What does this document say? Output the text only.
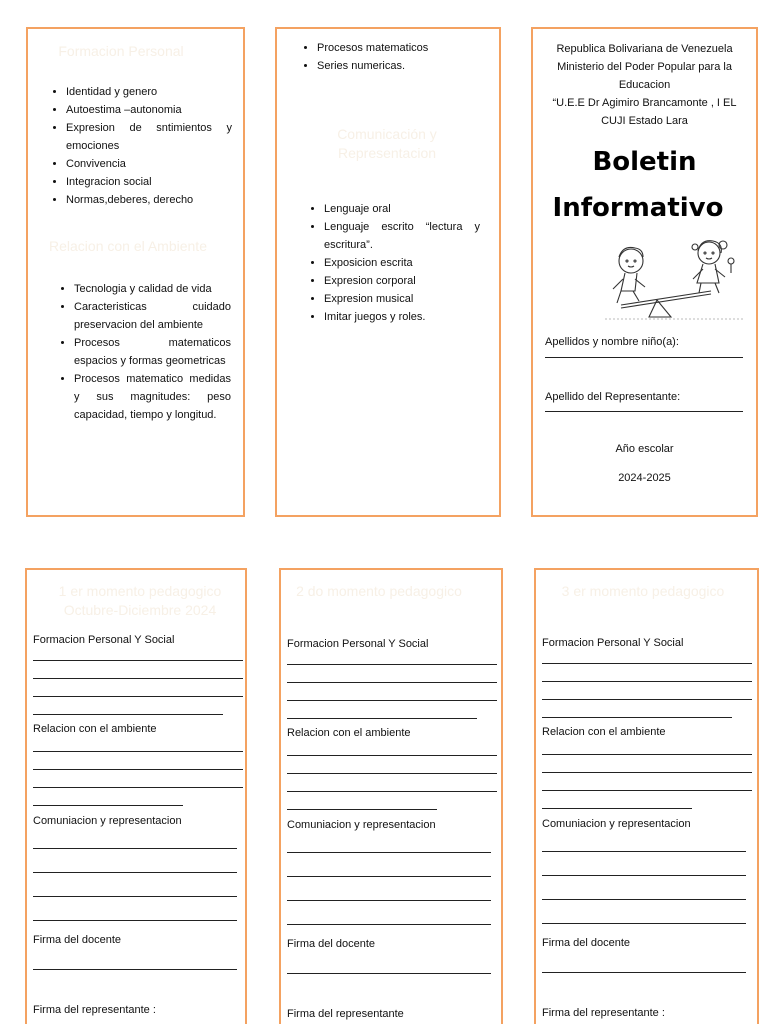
Formacion Personal
• Identidad y genero
• Autoestima –autonomia
• Expresion de sntimientos y emociones
• Convivencia
• Integracion social
• Normas,deberes, derecho
Relacion con el Ambiente
• Tecnologia y calidad de vida
• Caracteristicas cuidado preservacion del ambiente
• Procesos matematicos espacios y formas geometricas
• Procesos matematico medidas y sus magnitudes: peso capacidad, tiempo y longitud.
• Procesos matematicos
• Series numericas.
Comunicación y Representacion
• Lenguaje oral
• Lenguaje escrito “lectura y escritura”.
• Exposicion escrita
• Expresion corporal
• Expresion musical
• Imitar juegos y roles.
Republica Bolivariana de Venezuela
Ministerio del Poder Popular para la Educacion
“U.E.E Dr Agimiro Brancamonte , I EL CUJI Estado Lara
Boletin
Informativo
Apellidos y nombre niño(a):
Apellido del Representante:
Año escolar
2024-2025
1 er momento pedagogico Octubre-Diciembre 2024
Formacion Personal Y Social
Relacion con el ambiente
Comuniacion y representacion
Firma del docente
Firma del representante :
2 do momento pedagogico
Formacion Personal Y Social
Relacion con el ambiente
Comuniacion y representacion
Firma del docente
Firma del representante
3 er momento pedagogico
Formacion Personal Y Social
Relacion con el ambiente
Comuniacion y representacion
Firma del docente
Firma del representante :
